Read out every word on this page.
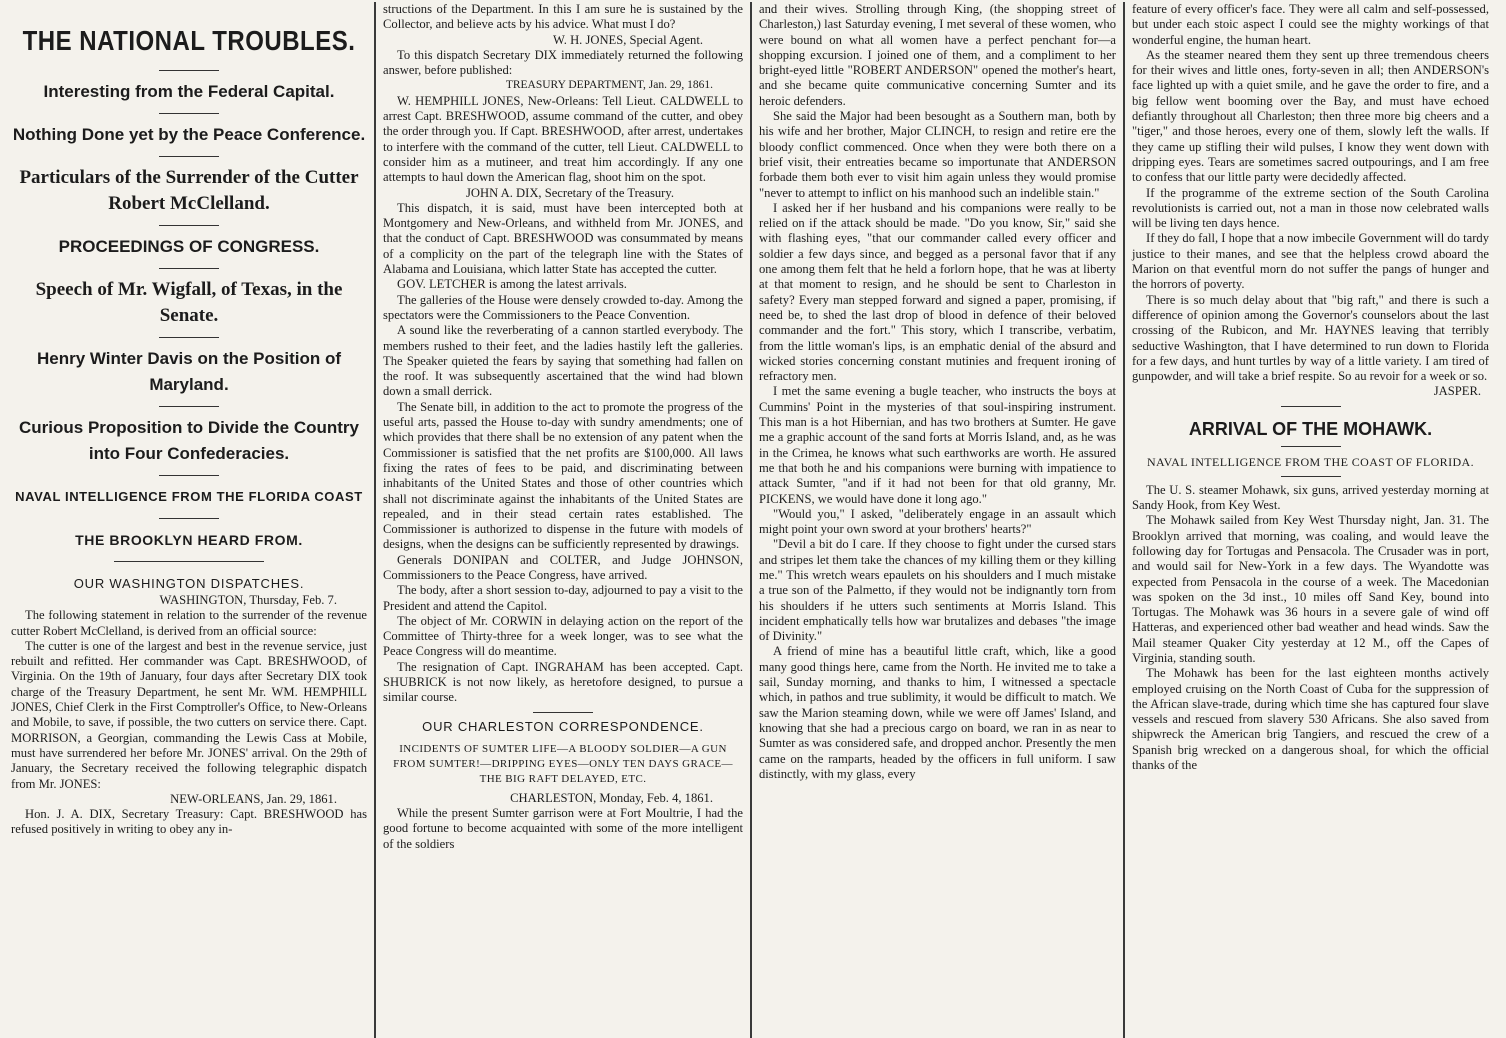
THE NATIONAL TROUBLES.
Interesting from the Federal Capital.
Nothing Done yet by the Peace Conference.
Particulars of the Surrender of the Cutter Robert McClelland.
PROCEEDINGS OF CONGRESS.
Speech of Mr. Wigfall, of Texas, in the Senate.
Henry Winter Davis on the Position of Maryland.
Curious Proposition to Divide the Country into Four Confederacies.
NAVAL INTELLIGENCE FROM THE FLORIDA COAST
THE BROOKLYN HEARD FROM.
OUR WASHINGTON DISPATCHES.

WASHINGTON, Thursday, Feb. 7.

The following statement in relation to the surrender of the revenue cutter Robert McClelland, is derived from an official source:

The cutter is one of the largest and best in the revenue service, just rebuilt and refitted. Her commander was Capt. BRESHWOOD, of Virginia. On the 19th of January, four days after Secretary DIX took charge of the Treasury Department, he sent Mr. WM. HEMPHILL JONES, Chief Clerk in the First Comptroller's Office, to New-Orleans and Mobile, to save, if possible, the two cutters on service there. Capt. MORRISON, a Georgian, commanding the Lewis Cass at Mobile, must have surrendered her before Mr. JONES' arrival. On the 29th of January, the Secretary received the following telegraphic dispatch from Mr. JONES:

NEW-ORLEANS, Jan. 29, 1861.

Hon. J. A. DIX, Secretary Treasury: Capt. BRESHWOOD has refused positively in writing to obey any in-

structions of the Department. In this I am sure he is sustained by the Collector, and believe acts by his advice. What must I do?

W. H. JONES, Special Agent.

To this dispatch Secretary DIX immediately returned the following answer, before published:

TREASURY DEPARTMENT, Jan. 29, 1861.

W. HEMPHILL JONES, New-Orleans: Tell Lieut. CALDWELL to arrest Capt. BRESHWOOD, assume command of the cutter, and obey the order through you. If Capt. BRESHWOOD, after arrest, undertakes to interfere with the command of the cutter, tell Lieut. CALDWELL to consider him as a mutineer, and treat him accordingly. If any one attempts to haul down the American flag, shoot him on the spot.

JOHN A. DIX, Secretary of the Treasury.

This dispatch, it is said, must have been intercepted both at Montgomery and New-Orleans, and withheld from Mr. JONES, and that the conduct of Capt. BRESHWOOD was consummated by means of a complicity on the part of the telegraph line with the States of Alabama and Louisiana, which latter State has accepted the cutter.

GOV. LETCHER is among the latest arrivals.

The galleries of the House were densely crowded to-day. Among the spectators were the Commissioners to the Peace Convention.

A sound like the reverberating of a cannon startled everybody. The members rushed to their feet, and the ladies hastily left the galleries. The Speaker quieted the fears by saying that something had fallen on the roof. It was subsequently ascertained that the wind had blown down a small derrick.

The Senate bill, in addition to the act to promote the progress of the useful arts, passed the House to-day with sundry amendments; one of which provides that there shall be no extension of any patent when the Commissioner is satisfied that the net profits are $100,000. All laws fixing the rates of fees to be paid, and discriminating between inhabitants of the United States and those of other countries which shall not discriminate against the inhabitants of the United States are repealed, and in their stead certain rates established. The Commissioner is authorized to dispense in the future with models of designs, when the designs can be sufficiently represented by drawings.

Generals DONIPAN and COLTER, and Judge JOHNSON, Commissioners to the Peace Congress, have arrived.

The body, after a short session to-day, adjourned to pay a visit to the President and attend the Capitol.

The object of Mr. CORWIN in delaying action on the report of the Committee of Thirty-three for a week longer, was to see what the Peace Congress will do meantime.

The resignation of Capt. INGRAHAM has been accepted. Capt. SHUBRICK is not now likely, as heretofore designed, to pursue a similar course.

OUR CHARLESTON CORRESPONDENCE.
INCIDENTS OF SUMTER LIFE—A BLOODY SOLDIER—A GUN FROM SUMTER!—DRIPPING EYES—ONLY TEN DAYS GRACE—THE BIG RAFT DELAYED, ETC.

CHARLESTON, Monday, Feb. 4, 1861.

While the present Sumter garrison were at Fort Moultrie, I had the good fortune to become acquainted with some of the more intelligent of the soldiers

and their wives. Strolling through King, (the shopping street of Charleston,) last Saturday evening, I met several of these women, who were bound on what all women have a perfect penchant for—a shopping excursion. I joined one of them, and a compliment to her bright-eyed little "ROBERT ANDERSON" opened the mother's heart, and she became quite communicative concerning Sumter and its heroic defenders.

She said the Major had been besought as a Southern man, both by his wife and her brother, Major CLINCH, to resign and retire ere the bloody conflict commenced. Once when they were both there on a brief visit, their entreaties became so importunate that ANDERSON forbade them both ever to visit him again unless they would promise "never to attempt to inflict on his manhood such an indelible stain."

I asked her if her husband and his companions were really to be relied on if the attack should be made. "Do you know, Sir," said she with flashing eyes, "that our commander called every officer and soldier a few days since, and begged as a personal favor that if any one among them felt that he held a forlorn hope, that he was at liberty at that moment to resign, and he should be sent to Charleston in safety? Every man stepped forward and signed a paper, promising, if need be, to shed the last drop of blood in defence of their beloved commander and the fort." This story, which I transcribe, verbatim, from the little woman's lips, is an emphatic denial of the absurd and wicked stories concerning constant mutinies and frequent ironing of refractory men.

I met the same evening a bugle teacher, who instructs the boys at Cummins' Point in the mysteries of that soul-inspiring instrument. This man is a hot Hibernian, and has two brothers at Sumter. He gave me a graphic account of the sand forts at Morris Island, and, as he was in the Crimea, he knows what such earthworks are worth. He assured me that both he and his companions were burning with impatience to attack Sumter, "and if it had not been for that old granny, Mr. PICKENS, we would have done it long ago."

"Would you," I asked, "deliberately engage in an assault which might point your own sword at your brothers' hearts?"

"Devil a bit do I care. If they choose to fight under the cursed stars and stripes let them take the chances of my killing them or they killing me." This wretch wears epaulets on his shoulders and I much mistake a true son of the Palmetto, if they would not be indignantly torn from his shoulders if he utters such sentiments at Morris Island. This incident emphatically tells how war brutalizes and debases "the image of Divinity."

A friend of mine has a beautiful little craft, which, like a good many good things here, came from the North. He invited me to take a sail, Sunday morning, and thanks to him, I witnessed a spectacle which, in pathos and true sublimity, it would be difficult to match. We saw the Marion steaming down, while we were off James' Island, and knowing that she had a precious cargo on board, we ran in as near to Sumter as was considered safe, and dropped anchor. Presently the men came on the ramparts, headed by the officers in full uniform. I saw distinctly, with my glass, every

feature of every officer's face. They were all calm and self-possessed, but under each stoic aspect I could see the mighty workings of that wonderful engine, the human heart.

As the steamer neared them they sent up three tremendous cheers for their wives and little ones, forty-seven in all; then ANDERSON's face lighted up with a quiet smile, and he gave the order to fire, and a big fellow went booming over the Bay, and must have echoed defiantly throughout all Charleston; then three more big cheers and a "tiger," and those heroes, every one of them, slowly left the walls. If they came up stifling their wild pulses, I know they went down with dripping eyes. Tears are sometimes sacred outpourings, and I am free to confess that our little party were decidedly affected.

If the programme of the extreme section of the South Carolina revolutionists is carried out, not a man in those now celebrated walls will be living ten days hence.

If they do fall, I hope that a now imbecile Government will do tardy justice to their manes, and see that the helpless crowd aboard the Marion on that eventful morn do not suffer the pangs of hunger and the horrors of poverty.

There is so much delay about that "big raft," and there is such a difference of opinion among the Governor's counselors about the last crossing of the Rubicon, and Mr. HAYNES leaving that terribly seductive Washington, that I have determined to run down to Florida for a few days, and hunt turtles by way of a little variety. I am tired of gunpowder, and will take a brief respite. So au revoir for a week or so.

JASPER.

ARRIVAL OF THE MOHAWK.
NAVAL INTELLIGENCE FROM THE COAST OF FLORIDA.

The U. S. steamer Mohawk, six guns, arrived yesterday morning at Sandy Hook, from Key West.

The Mohawk sailed from Key West Thursday night, Jan. 31. The Brooklyn arrived that morning, was coaling, and would leave the following day for Tortugas and Pensacola. The Crusader was in port, and would sail for New-York in a few days. The Wyandotte was expected from Pensacola in the course of a week. The Macedonian was spoken on the 3d inst., 10 miles off Sand Key, bound into Tortugas. The Mohawk was 36 hours in a severe gale of wind off Hatteras, and experienced other bad weather and head winds. Saw the Mail steamer Quaker City yesterday at 12 M., off the Capes of Virginia, standing south.

The Mohawk has been for the last eighteen months actively employed cruising on the North Coast of Cuba for the suppression of the African slave-trade, during which time she has captured four slave vessels and rescued from slavery 530 Africans. She also saved from shipwreck the American brig Tangiers, and rescued the crew of a Spanish brig wrecked on a dangerous shoal, for which the official thanks of the
